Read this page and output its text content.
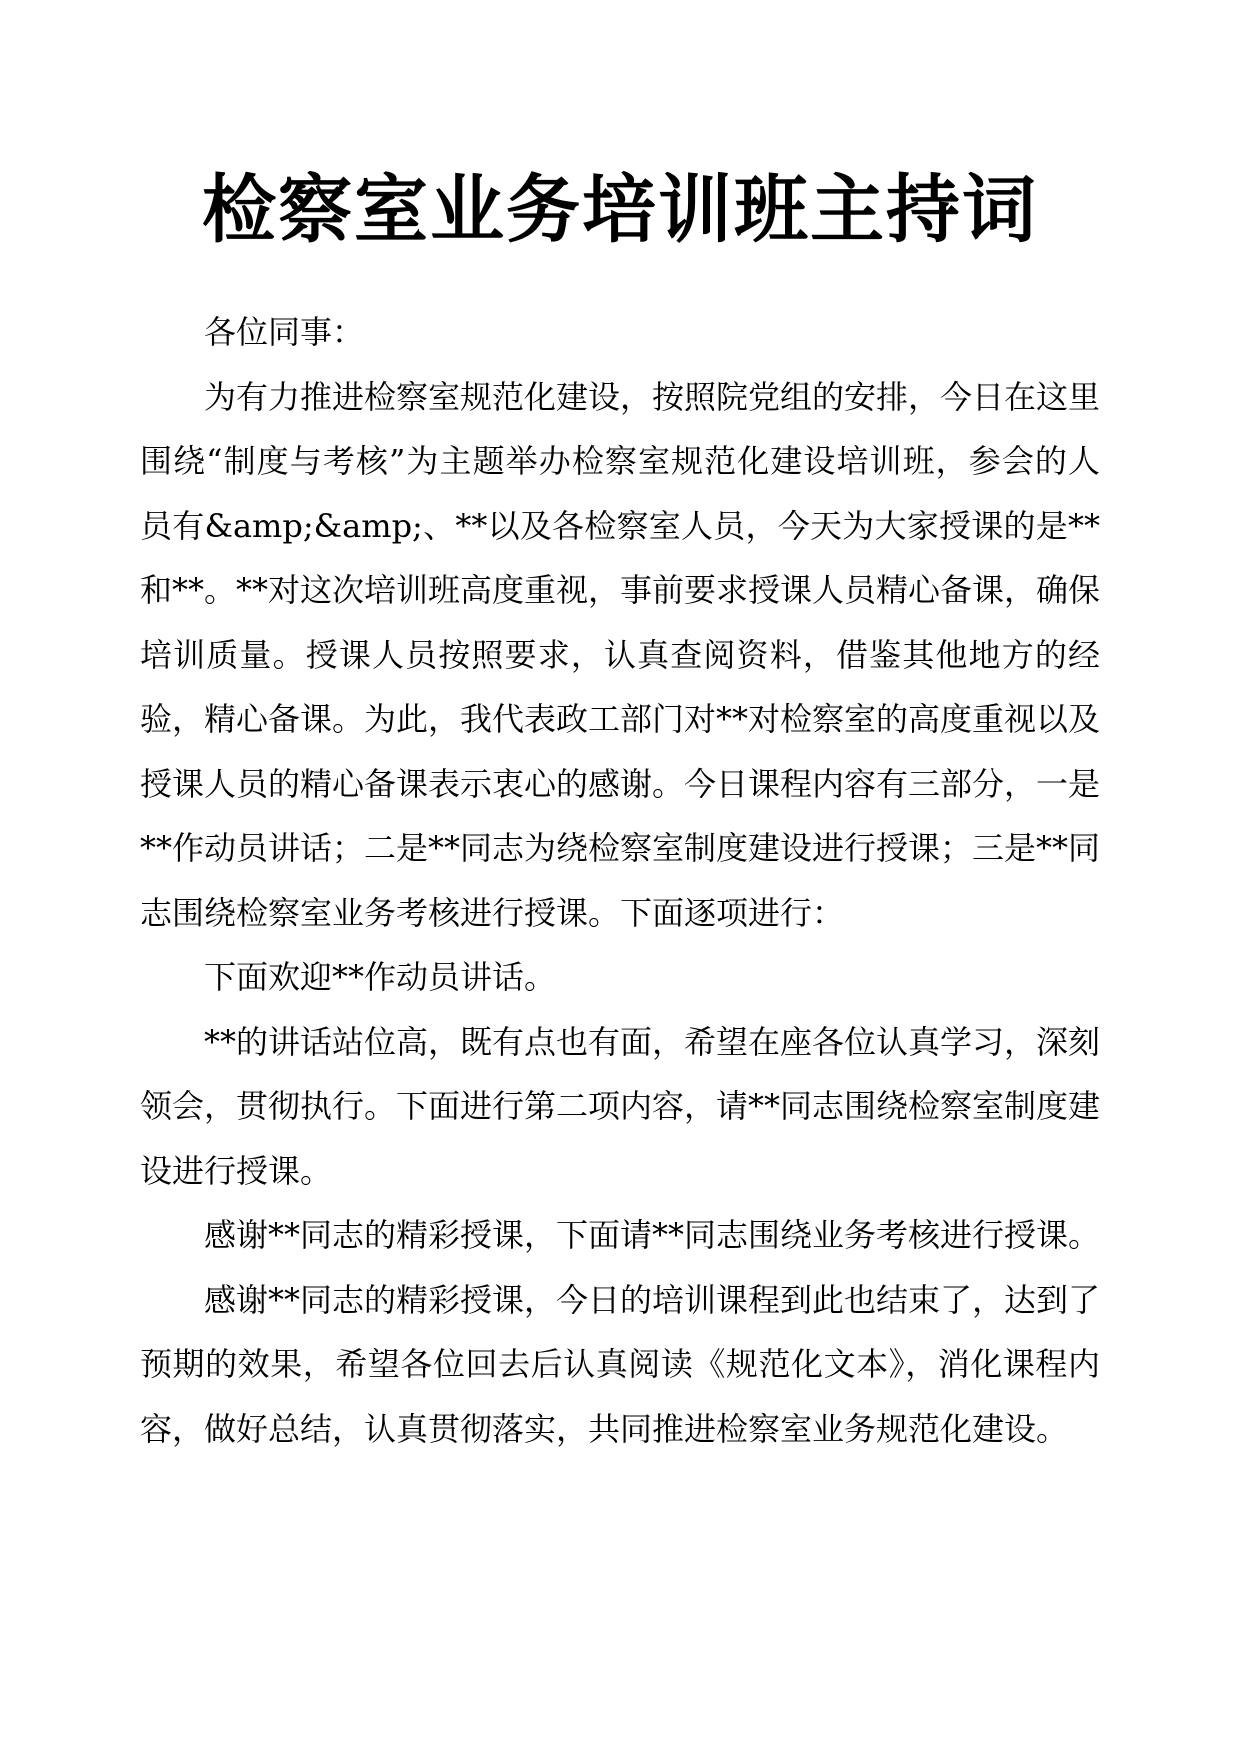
检察室业务培训班主持词

各位同事：

为有力推进检察室规范化建设，按照院党组的安排，今日在这里围绕“制度与考核”为主题举办检察室规范化建设培训班，参会的人员有&amp;&amp;、**以及各检察室人员，今天为大家授课的是**和**。**对这次培训班高度重视，事前要求授课人员精心备课，确保培训质量。授课人员按照要求，认真查阅资料，借鉴其他地方的经验，精心备课。为此，我代表政工部门对**对检察室的高度重视以及授课人员的精心备课表示衷心的感谢。今日课程内容有三部分，一是**作动员讲话；二是**同志为绕检察室制度建设进行授课；三是**同志围绕检察室业务考核进行授课。下面逐项进行：

下面欢迎**作动员讲话。

**的讲话站位高，既有点也有面，希望在座各位认真学习，深刻领会，贯彻执行。下面进行第二项内容，请**同志围绕检察室制度建设进行授课。

感谢**同志的精彩授课，下面请**同志围绕业务考核进行授课。

感谢**同志的精彩授课，今日的培训课程到此也结束了，达到了预期的效果，希望各位回去后认真阅读《规范化文本》，消化课程内容，做好总结，认真贯彻落实，共同推进检察室业务规范化建设。
